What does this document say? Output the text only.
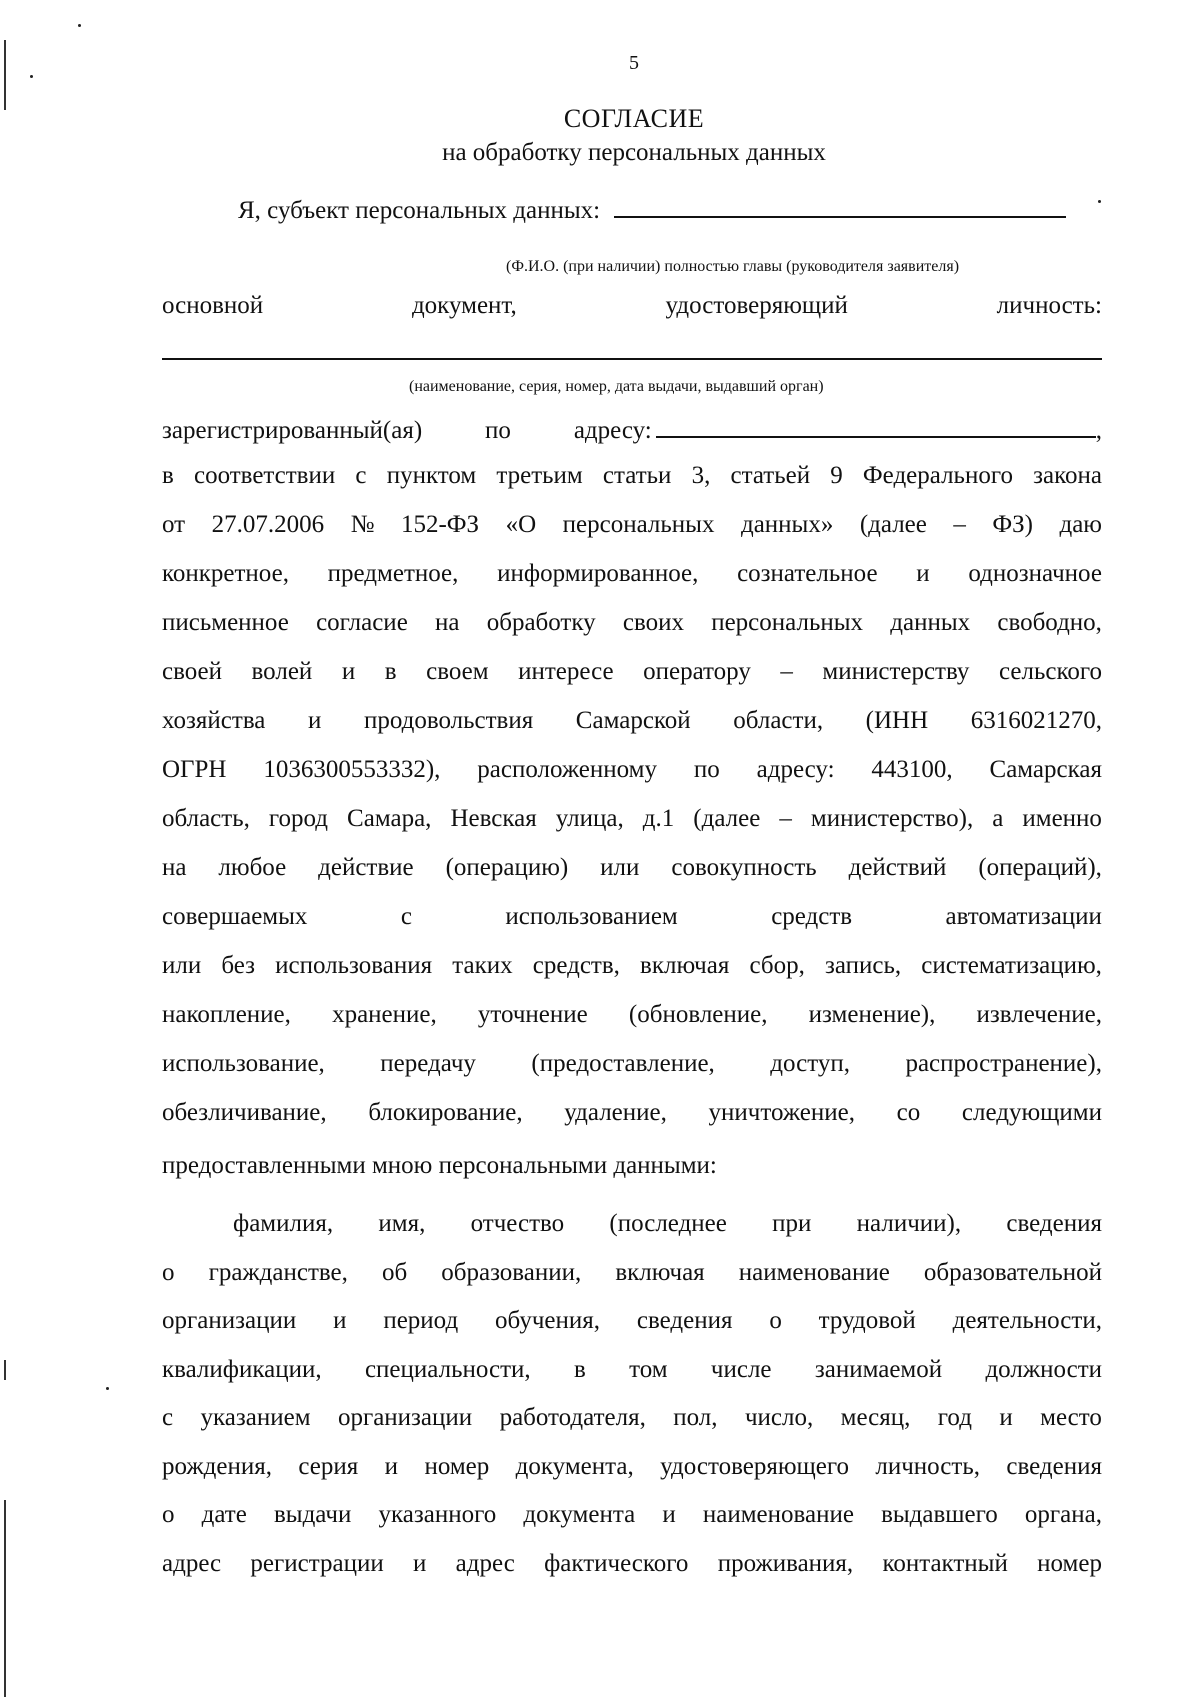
5
СОГЛАСИЕ
на обработку персональных данных
Я, субъект персональных данных:
(Ф.И.О. (при наличии) полностью главы (руководителя заявителя)
основной	документ,	удостоверяющий	личность:
(наименование, серия, номер, дата выдачи, выдавший орган)
зарегистрированный(ая)	по	адресу:	,
в соответствии с пунктом третьим статьи 3, статьей 9 Федерального закона
от 27.07.2006 № 152-ФЗ «О персональных данных» (далее – ФЗ) даю
конкретное, предметное, информированное, сознательное и однозначное
письменное согласие на обработку своих персональных данных свободно,
своей волей и в своем интересе оператору – министерству сельского
хозяйства и продовольствия Самарской области, (ИНН 6316021270,
ОГРН 1036300553332), расположенному по адресу: 443100, Самарская
область, город Самара, Невская улица, д.1 (далее – министерство), а именно
на любое действие (операцию) или совокупность действий (операций),
совершаемых	с	использованием	средств	автоматизации
или без использования таких средств, включая сбор, запись, систематизацию,
накопление, хранение, уточнение (обновление, изменение), извлечение,
использование, передачу (предоставление, доступ, распространение),
обезличивание, блокирование, удаление, уничтожение, со следующими
предоставленными мною персональными данными:
фамилия, имя, отчество (последнее при наличии), сведения
о гражданстве, об образовании, включая наименование образовательной
организации и период обучения, сведения о трудовой деятельности,
квалификации, специальности, в том числе занимаемой должности
с указанием организации работодателя, пол, число, месяц, год и место
рождения, серия и номер документа, удостоверяющего личность, сведения
о дате выдачи указанного документа и наименование выдавшего органа,
адрес регистрации и адрес фактического проживания, контактный номер
